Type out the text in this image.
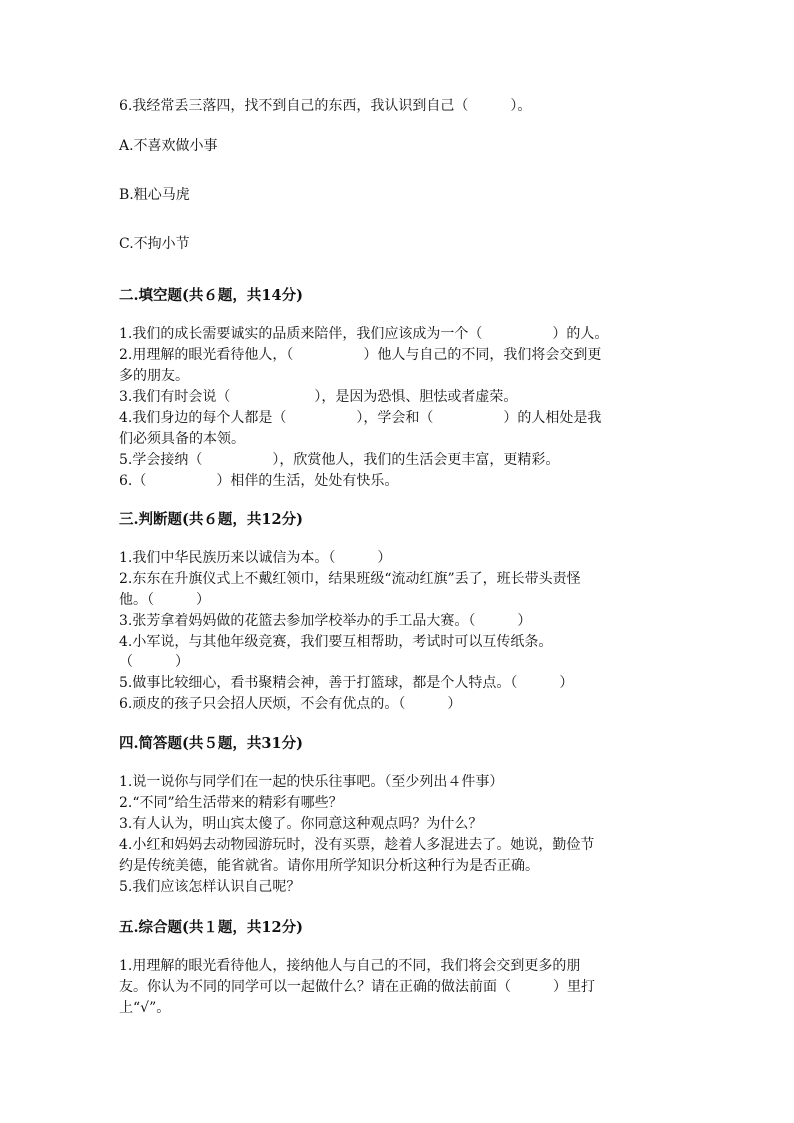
6.我经常丢三落四，找不到自己的东西，我认识到自己（　　　）。
A.不喜欢做小事
B.粗心马虎
C.不拘小节
二.填空题(共６题，共14分)
1.我们的成长需要诚实的品质来陪伴，我们应该成为一个（　　　　　）的人。
2.用理解的眼光看待他人，（　　　　　）他人与自己的不同，我们将会交到更
多的朋友。
3.我们有时会说（　　　　　　），是因为恐惧、胆怯或者虚荣。
4.我们身边的每个人都是（　　　　　），学会和（　　　　　）的人相处是我
们必须具备的本领。
5.学会接纳（　　　　　），欣赏他人，我们的生活会更丰富，更精彩。
6.（　　　　　）相伴的生活，处处有快乐。
三.判断题(共６题，共12分)
1.我们中华民族历来以诚信为本。（　　　）
2.东东在升旗仪式上不戴红领巾，结果班级“流动红旗”丢了，班长带头责怪
他。（　　　）
3.张芳拿着妈妈做的花篮去参加学校举办的手工品大赛。（　　　）
4.小军说，与其他年级竞赛，我们要互相帮助，考试时可以互传纸条。
（　　　）
5.做事比较细心，看书聚精会神，善于打篮球，都是个人特点。（　　　）
6.顽皮的孩子只会招人厌烦，不会有优点的。（　　　）
四.简答题(共５题，共31分)
1.说一说你与同学们在一起的快乐往事吧。（至少列出４件事）
2.“不同”给生活带来的精彩有哪些？
3.有人认为，明山宾太傻了。你同意这种观点吗？为什么？
4.小红和妈妈去动物园游玩时，没有买票，趁着人多混进去了。她说，勤俭节
约是传统美德，能省就省。请你用所学知识分析这种行为是否正确。
5.我们应该怎样认识自己呢？
五.综合题(共１题，共12分)
1.用理解的眼光看待他人，接纳他人与自己的不同，我们将会交到更多的朋
友。你认为不同的同学可以一起做什么？请在正确的做法前面（　　　）里打
上“√”。
